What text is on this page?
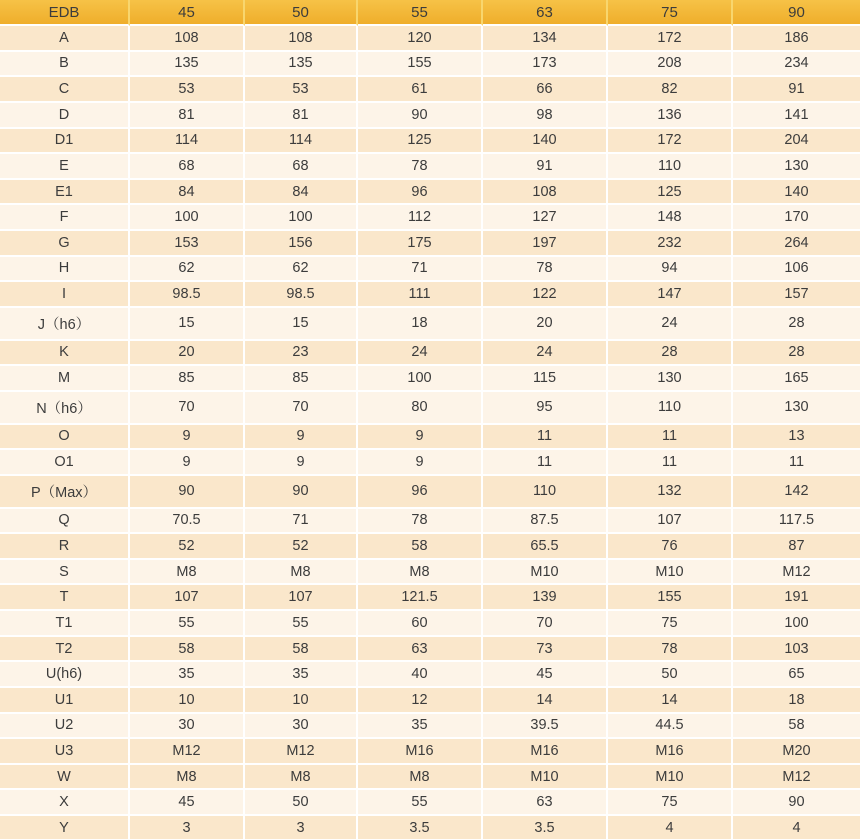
EDB	45	50	55	63	75	90
A	108	108	120	134	172	186
B	135	135	155	173	208	234
C	53	53	61	66	82	91
D	81	81	90	98	136	141
D1	114	114	125	140	172	204
E	68	68	78	91	110	130
E1	84	84	96	108	125	140
F	100	100	112	127	148	170
G	153	156	175	197	232	264
H	62	62	71	78	94	106
I	98.5	98.5	111	122	147	157
J（h6）	15	15	18	20	24	28
K	20	23	24	24	28	28
M	85	85	100	115	130	165
N（h6）	70	70	80	95	110	130
O	9	9	9	11	11	13
O1	9	9	9	11	11	11
P（Max）	90	90	96	110	132	142
Q	70.5	71	78	87.5	107	117.5
R	52	52	58	65.5	76	87
S	M8	M8	M8	M10	M10	M12
T	107	107	121.5	139	155	191
T1	55	55	60	70	75	100
T2	58	58	63	73	78	103
U(h6)	35	35	40	45	50	65
U1	10	10	12	14	14	18
U2	30	30	35	39.5	44.5	58
U3	M12	M12	M16	M16	M16	M20
W	M8	M8	M8	M10	M10	M12
X	45	50	55	63	75	90
Y	3	3	3.5	3.5	4	4
